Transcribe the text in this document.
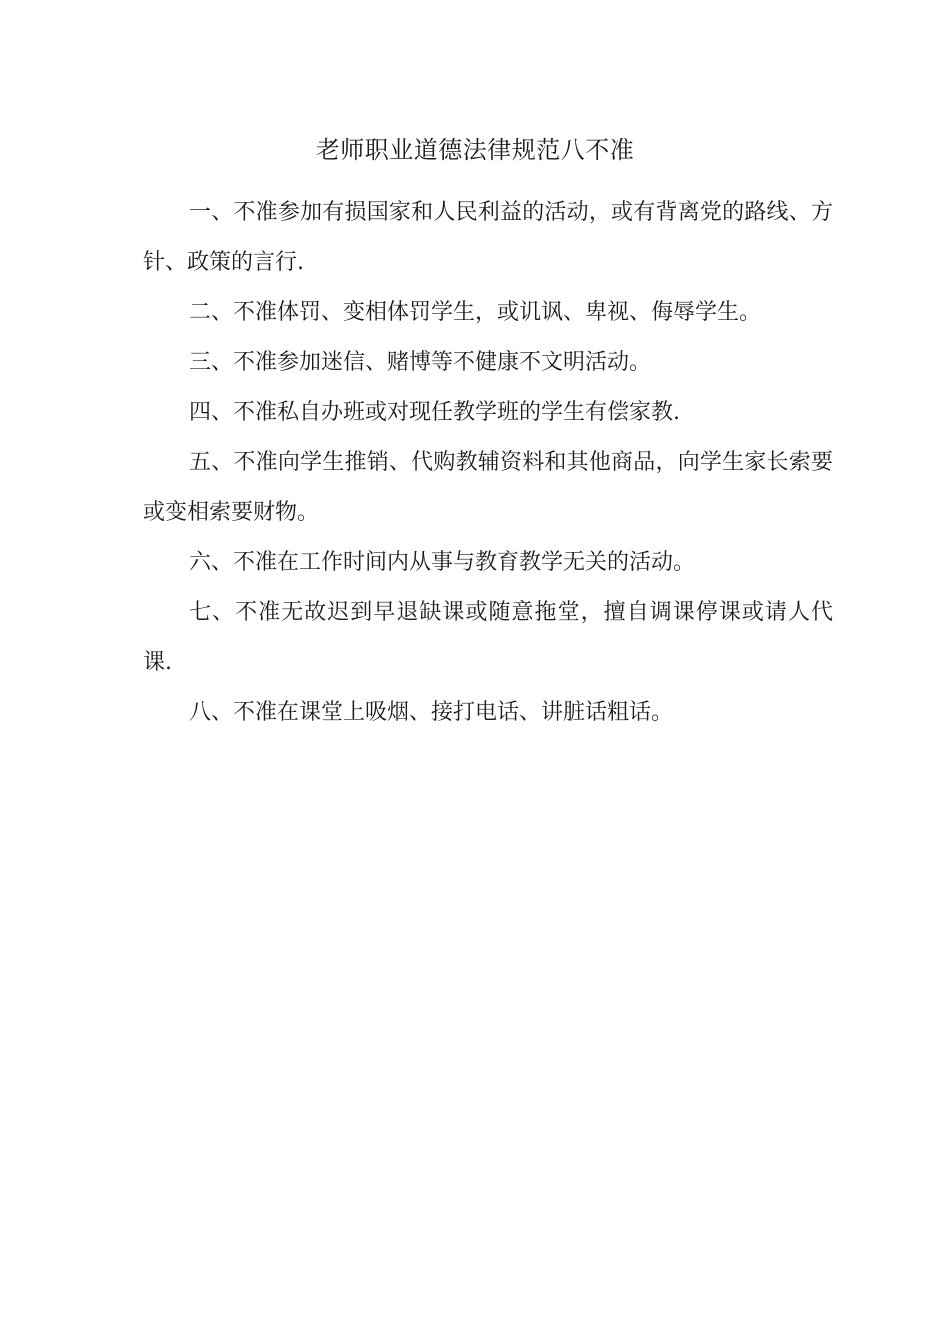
老师职业道德法律规范八不准

一、不准参加有损国家和人民利益的活动，或有背离党的路线、方针、政策的言行.

二、不准体罚、变相体罚学生，或讥讽、卑视、侮辱学生。

三、不准参加迷信、赌博等不健康不文明活动。

四、不准私自办班或对现任教学班的学生有偿家教.

五、不准向学生推销、代购教辅资料和其他商品，向学生家长索要或变相索要财物。

六、不准在工作时间内从事与教育教学无关的活动。

七、不准无故迟到早退缺课或随意拖堂，擅自调课停课或请人代课.

八、不准在课堂上吸烟、接打电话、讲脏话粗话。
